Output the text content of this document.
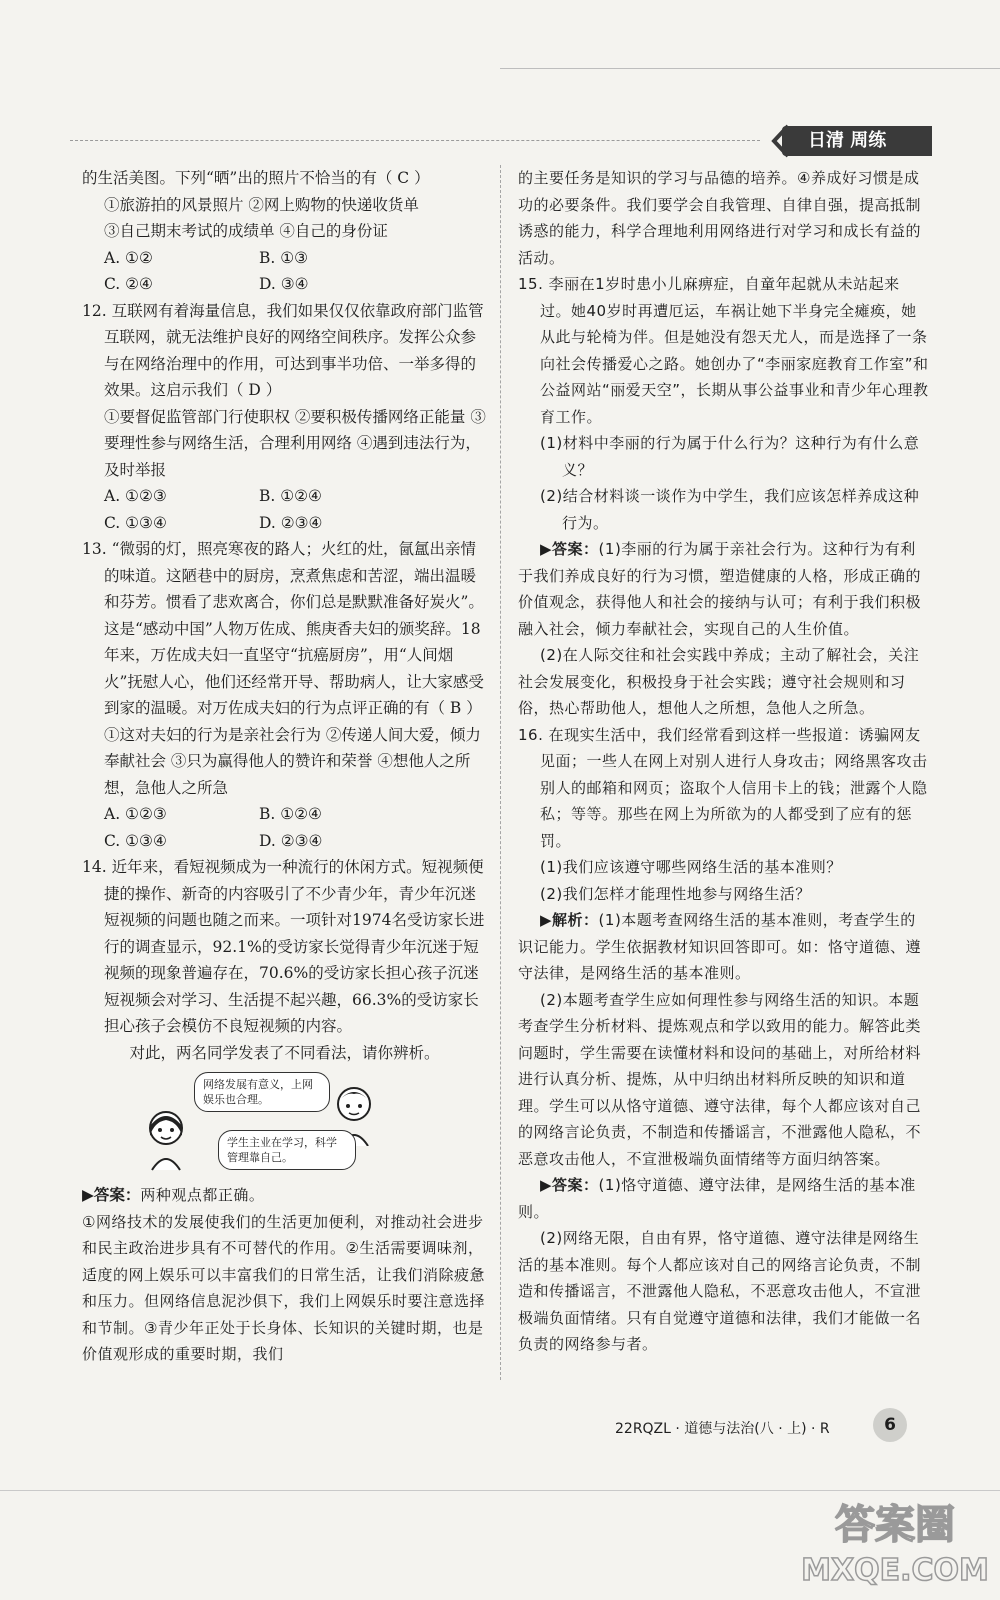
日清 周练

的生活美图。下列“晒”出的照片不恰当的有（ C ）

①旅游拍的风景照片 ②网上购物的快递收货单

③自己期末考试的成绩单 ④自己的身份证

A. ①②	B. ①③
C. ②④	D. ③④

12. 互联网有着海量信息，我们如果仅仅依靠政府部门监管互联网，就无法维护良好的网络空间秩序。发挥公众参与在网络治理中的作用，可达到事半功倍、一举多得的效果。这启示我们（ D ）

①要督促监管部门行使职权 ②要积极传播网络正能量 ③要理性参与网络生活，合理利用网络 ④遇到违法行为，及时举报

A. ①②③	B. ①②④
C. ①③④	D. ②③④

13. “微弱的灯，照亮寒夜的路人；火红的灶，氤氲出亲情的味道。这陋巷中的厨房，烹煮焦虑和苦涩，端出温暖和芬芳。惯看了悲欢离合，你们总是默默准备好炭火”。这是“感动中国”人物万佐成、熊庚香夫妇的颁奖辞。18年来，万佐成夫妇一直坚守“抗癌厨房”，用“人间烟火”抚慰人心，他们还经常开导、帮助病人，让大家感受到家的温暖。对万佐成夫妇的行为点评正确的有（ B ）

①这对夫妇的行为是亲社会行为 ②传递人间大爱，倾力奉献社会 ③只为赢得他人的赞许和荣誉 ④想他人之所想，急他人之所急

A. ①②③	B. ①②④
C. ①③④	D. ②③④

14. 近年来，看短视频成为一种流行的休闲方式。短视频便捷的操作、新奇的内容吸引了不少青少年，青少年沉迷短视频的问题也随之而来。一项针对1974名受访家长进行的调查显示，92.1%的受访家长觉得青少年沉迷于短视频的现象普遍存在，70.6%的受访家长担心孩子沉迷短视频会对学习、生活提不起兴趣，66.3%的受访家长担心孩子会模仿不良短视频的内容。

对此，两名同学发表了不同看法，请你辨析。

网络发展有意义，上网娱乐也合理。
学生主业在学习，科学管理靠自己。

▶答案：两种观点都正确。

①网络技术的发展使我们的生活更加便利，对推动社会进步和民主政治进步具有不可替代的作用。②生活需要调味剂，适度的网上娱乐可以丰富我们的日常生活，让我们消除疲惫和压力。但网络信息泥沙俱下，我们上网娱乐时要注意选择和节制。③青少年正处于长身体、长知识的关键时期，也是价值观形成的重要时期，我们

的主要任务是知识的学习与品德的培养。④养成好习惯是成功的必要条件。我们要学会自我管理、自律自强，提高抵制诱惑的能力，科学合理地利用网络进行对学习和成长有益的活动。

15. 李丽在1岁时患小儿麻痹症，自童年起就从未站起来过。她40岁时再遭厄运，车祸让她下半身完全瘫痪，她从此与轮椅为伴。但是她没有怨天尤人，而是选择了一条向社会传播爱心之路。她创办了“李丽家庭教育工作室”和公益网站“丽爱天空”，长期从事公益事业和青少年心理教育工作。

(1)材料中李丽的行为属于什么行为？这种行为有什么意义？

(2)结合材料谈一谈作为中学生，我们应该怎样养成这种行为。

▶答案：(1)李丽的行为属于亲社会行为。这种行为有利于我们养成良好的行为习惯，塑造健康的人格，形成正确的价值观念，获得他人和社会的接纳与认可；有利于我们积极融入社会，倾力奉献社会，实现自己的人生价值。

(2)在人际交往和社会实践中养成；主动了解社会，关注社会发展变化，积极投身于社会实践；遵守社会规则和习俗，热心帮助他人，想他人之所想，急他人之所急。

16. 在现实生活中，我们经常看到这样一些报道：诱骗网友见面；一些人在网上对别人进行人身攻击；网络黑客攻击别人的邮箱和网页；盗取个人信用卡上的钱；泄露个人隐私；等等。那些在网上为所欲为的人都受到了应有的惩罚。

(1)我们应该遵守哪些网络生活的基本准则？

(2)我们怎样才能理性地参与网络生活？

▶解析：(1)本题考查网络生活的基本准则，考查学生的识记能力。学生依据教材知识回答即可。如：恪守道德、遵守法律，是网络生活的基本准则。

(2)本题考查学生应如何理性参与网络生活的知识。本题考查学生分析材料、提炼观点和学以致用的能力。解答此类问题时，学生需要在读懂材料和设问的基础上，对所给材料进行认真分析、提炼，从中归纳出材料所反映的知识和道理。学生可以从恪守道德、遵守法律，每个人都应该对自己的网络言论负责，不制造和传播谣言，不泄露他人隐私，不恶意攻击他人，不宣泄极端负面情绪等方面归纳答案。

▶答案：(1)恪守道德、遵守法律，是网络生活的基本准则。

(2)网络无限，自由有界，恪守道德、遵守法律是网络生活的基本准则。每个人都应该对自己的网络言论负责，不制造和传播谣言，不泄露他人隐私，不恶意攻击他人，不宣泄极端负面情绪。只有自觉遵守道德和法律，我们才能做一名负责的网络参与者。

22RQZL · 道德与法治(八 · 上) · R	6
答案圈
MXQE.COM
